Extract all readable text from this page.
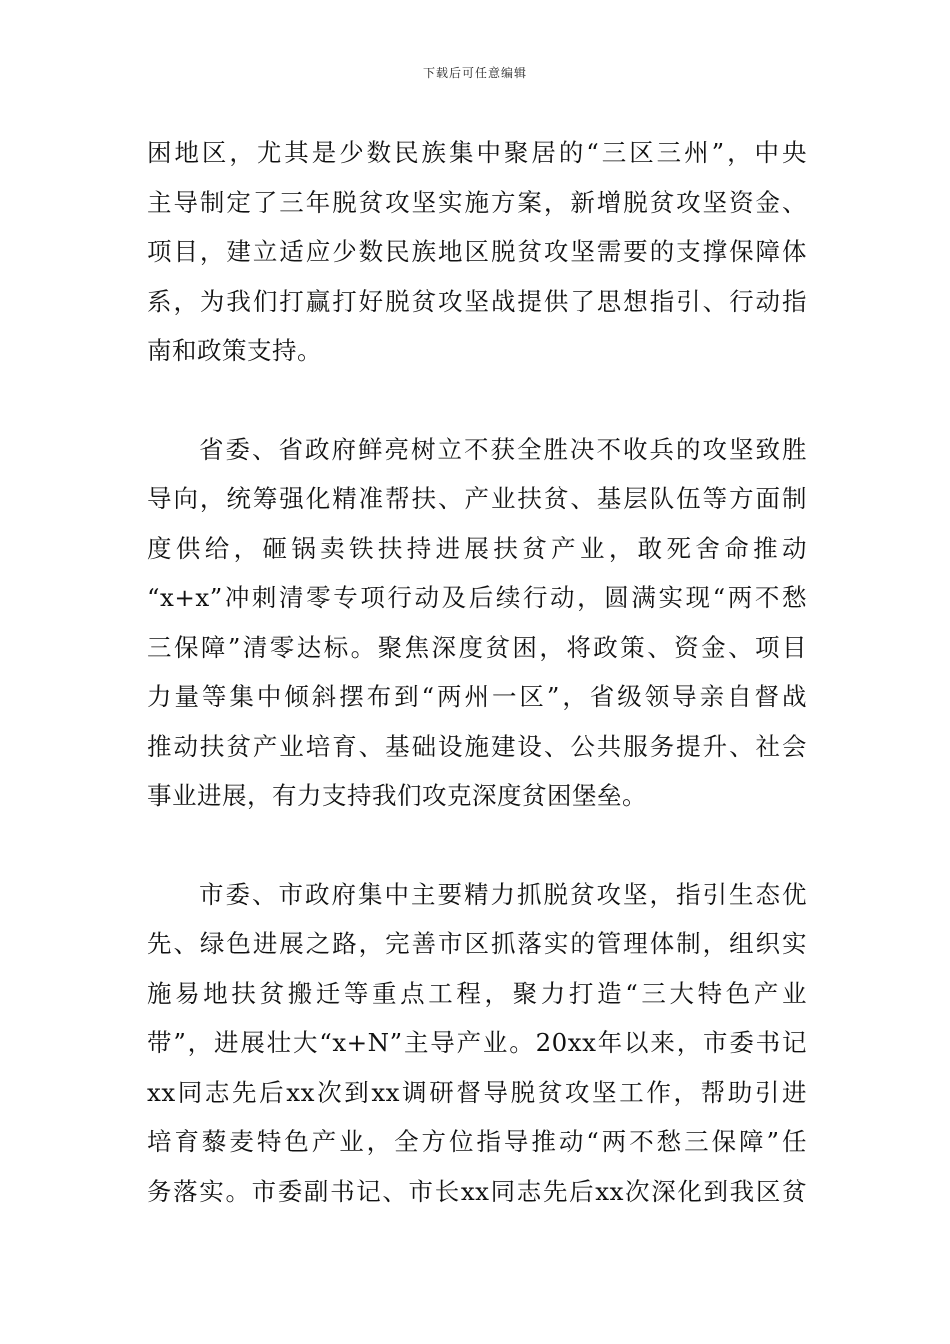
下载后可任意编辑
困地区，尤其是少数民族集中聚居的“三区三州”，中央
主导制定了三年脱贫攻坚实施方案，新增脱贫攻坚资金、
项目，建立适应少数民族地区脱贫攻坚需要的支撑保障体
系，为我们打赢打好脱贫攻坚战提供了思想指引、行动指
南和政策支持。
省委、省政府鲜亮树立不获全胜决不收兵的攻坚致胜
导向，统筹强化精准帮扶、产业扶贫、基层队伍等方面制
度供给，砸锅卖铁扶持进展扶贫产业，敢死舍命推动
“x+x”冲刺清零专项行动及后续行动，圆满实现“两不愁
三保障”清零达标。聚焦深度贫困，将政策、资金、项目
力量等集中倾斜摆布到“两州一区”，省级领导亲自督战
推动扶贫产业培育、基础设施建设、公共服务提升、社会
事业进展，有力支持我们攻克深度贫困堡垒。
市委、市政府集中主要精力抓脱贫攻坚，指引生态优
先、绿色进展之路，完善市区抓落实的管理体制，组织实
施易地扶贫搬迁等重点工程，聚力打造“三大特色产业
带”，进展壮大“x+N”主导产业。20xx年以来，市委书记
xx同志先后xx次到xx调研督导脱贫攻坚工作，帮助引进
培育藜麦特色产业，全方位指导推动“两不愁三保障”任
务落实。市委副书记、市长xx同志先后xx次深化到我区贫
